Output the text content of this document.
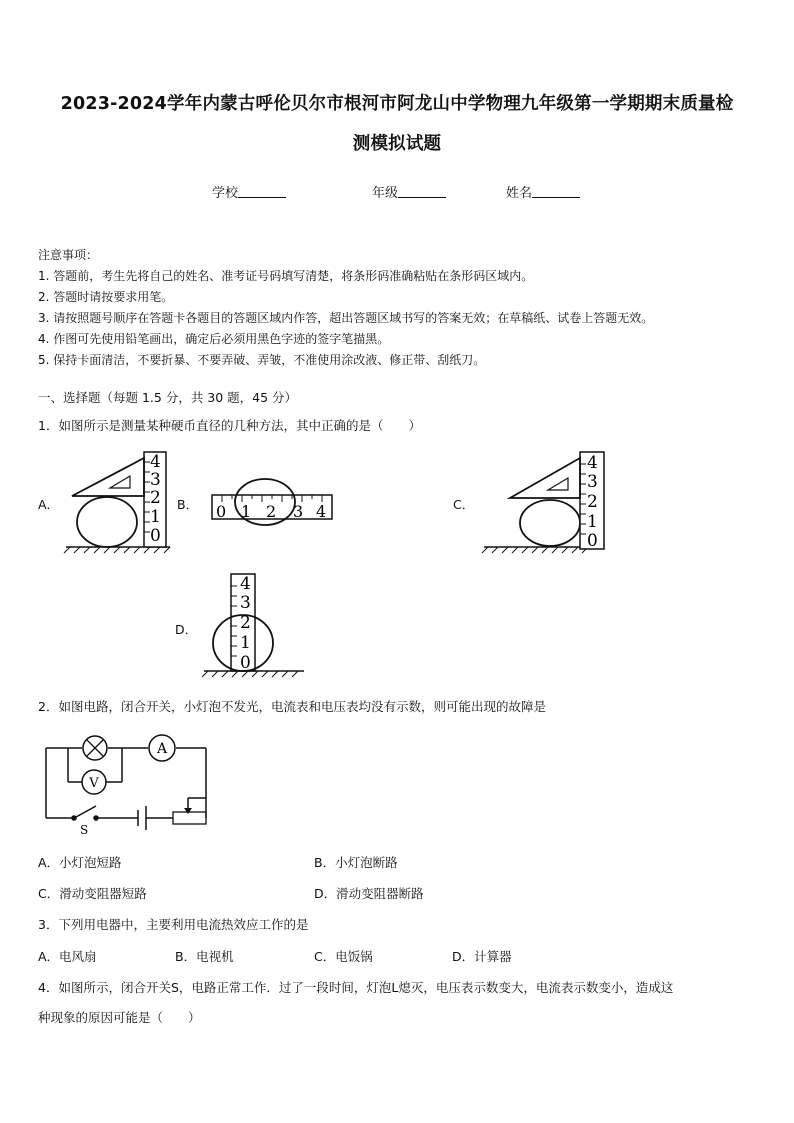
2023-2024学年内蒙古呼伦贝尔市根河市阿龙山中学物理九年级第一学期期末质量检
测模拟试题
学校	年级	姓名
注意事项：
1. 答题前，考生先将自己的姓名、准考证号码填写清楚，将条形码准确粘贴在条形码区域内。
2. 答题时请按要求用笔。
3. 请按照题号顺序在答题卡各题目的答题区域内作答，超出答题区域书写的答案无效；在草稿纸、试卷上答题无效。
4. 作图可先使用铅笔画出，确定后必须用黑色字迹的签字笔描黑。
5. 保持卡面清洁，不要折暴、不要弄破、弄皱，不准使用涂改液、修正带、刮纸刀。
一、选择题（每题 1.5 分，共 30 题，45 分）
1．如图所示是测量某种硬币直径的几种方法，其中正确的是（　　）
A．	B．	C．
D．
4
3
2
1
0
0 1 2 3 4
4
3
2
1
0
4
3
2
1
0
2．如图电路，闭合开关，小灯泡不发光，电流表和电压表均没有示数，则可能出现的故障是
A
V
S
A．小灯泡短路	B．小灯泡断路
C．滑动变阻器短路	D．滑动变阻器断路
3．下列用电器中，主要利用电流热效应工作的是
A．电风扇	B．电视机	C．电饭锅	D．计算器
4．如图所示，闭合开关S，电路正常工作．过了一段时间，灯泡L熄灭，电压表示数变大，电流表示数变小，造成这
种现象的原因可能是（　　）
